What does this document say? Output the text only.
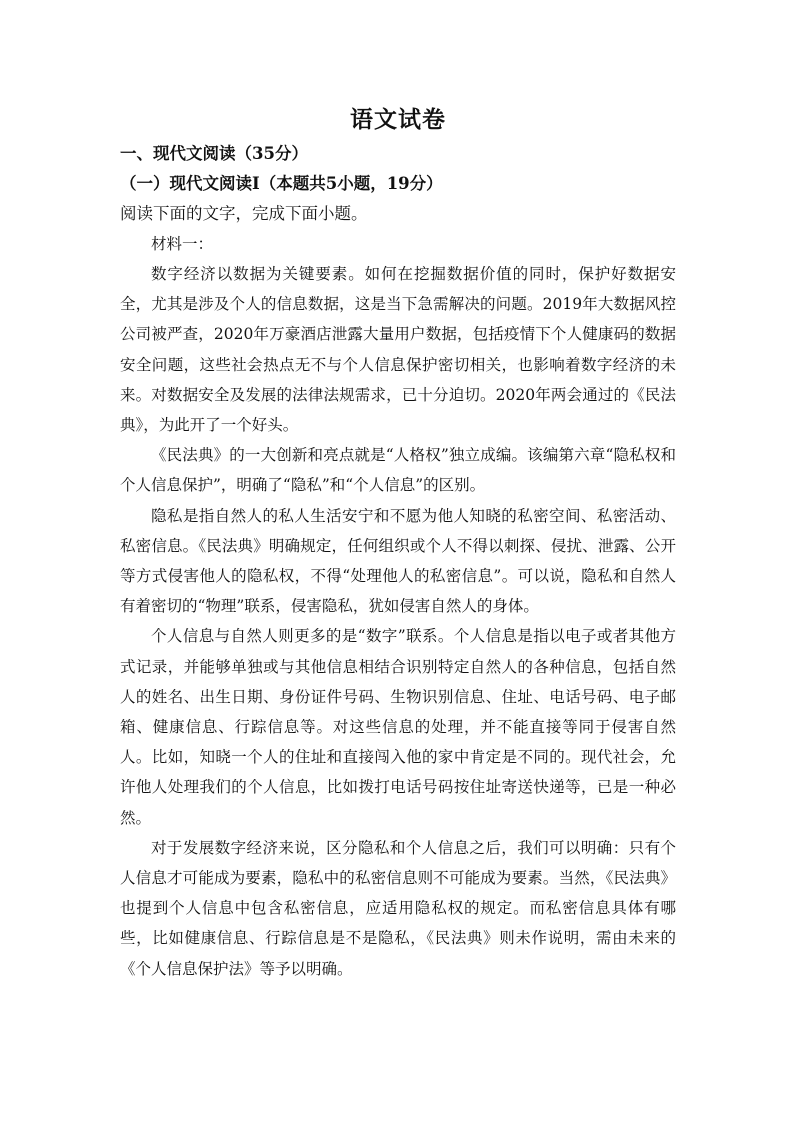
语文试卷

一、现代文阅读（35分）

（一）现代文阅读Ⅰ（本题共5小题，19分）

阅读下面的文字，完成下面小题。

材料一：

数字经济以数据为关键要素。如何在挖掘数据价值的同时，保护好数据安全，尤其是涉及个人的信息数据，这是当下急需解决的问题。2019年大数据风控公司被严查，2020年万豪酒店泄露大量用户数据，包括疫情下个人健康码的数据安全问题，这些社会热点无不与个人信息保护密切相关，也影响着数字经济的未来。对数据安全及发展的法律法规需求，已十分迫切。2020年两会通过的《民法典》，为此开了一个好头。

《民法典》的一大创新和亮点就是“人格权”独立成编。该编第六章“隐私权和个人信息保护”，明确了“隐私”和“个人信息”的区别。

隐私是指自然人的私人生活安宁和不愿为他人知晓的私密空间、私密活动、私密信息。《民法典》明确规定，任何组织或个人不得以刺探、侵扰、泄露、公开等方式侵害他人的隐私权，不得“处理他人的私密信息”。可以说，隐私和自然人有着密切的“物理”联系，侵害隐私，犹如侵害自然人的身体。

个人信息与自然人则更多的是“数字”联系。个人信息是指以电子或者其他方式记录，并能够单独或与其他信息相结合识别特定自然人的各种信息，包括自然人的姓名、出生日期、身份证件号码、生物识别信息、住址、电话号码、电子邮箱、健康信息、行踪信息等。对这些信息的处理，并不能直接等同于侵害自然人。比如，知晓一个人的住址和直接闯入他的家中肯定是不同的。现代社会，允许他人处理我们的个人信息，比如拨打电话号码按住址寄送快递等，已是一种必然。

对于发展数字经济来说，区分隐私和个人信息之后，我们可以明确：只有个人信息才可能成为要素，隐私中的私密信息则不可能成为要素。当然，《民法典》也提到个人信息中包含私密信息，应适用隐私权的规定。而私密信息具体有哪些，比如健康信息、行踪信息是不是隐私，《民法典》则未作说明，需由未来的《个人信息保护法》等予以明确。
